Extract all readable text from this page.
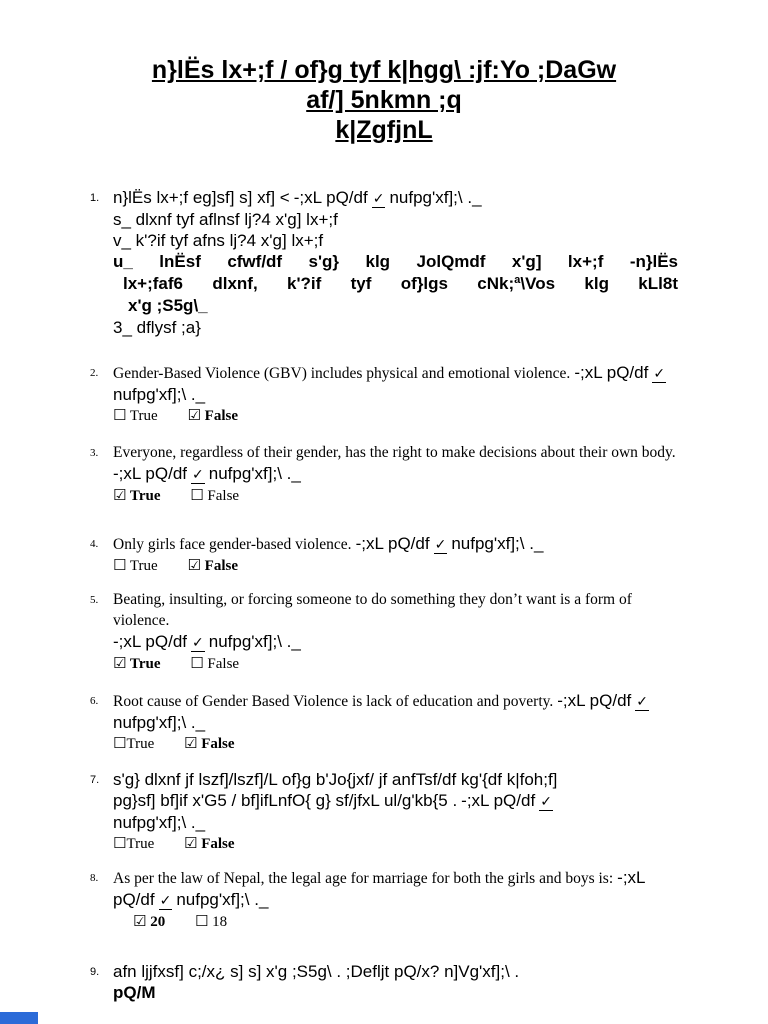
n}lËs lx+;f / of}g tyf k|hgg\ :jf:Yo ;DaGw
af/] 5nkmn ;q
k|ZgfjnL
1. n}lËs lx+;f eg]sf] s] xf] < -;xL pQ/df ✓ nufpg'xf];\ ._
s_ dlxnf tyf aflnsf lj?4 x'g] lx+;f
v_ k'?if tyf afns lj?4 x'g] lx+;f
u_ lnËsf cfwf/df s'g} klg JolQmdf x'g] lx+;f -n}lËs
lx+;faf6 dlxnf, k'?if tyf of}lgs cNk;ª\Vos klg kLl8t
x'g ;S5g\_
3_ dflysf ;a}
2. Gender-Based Violence (GBV) includes physical and emotional violence. -;xL pQ/df ✓
nufpg'xf];\ ._
☐ True ☑ False
3. Everyone, regardless of their gender, has the right to make decisions about their own body.
-;xL pQ/df ✓ nufpg'xf];\ ._
☑ True ☐ False
4. Only girls face gender-based violence. -;xL pQ/df ✓ nufpg'xf];\ ._
☐ True ☑ False
5. Beating, insulting, or forcing someone to do something they don’t want is a form of violence.
-;xL pQ/df ✓ nufpg'xf];\ ._
☑ True ☐ False
6. Root cause of Gender Based Violence is lack of education and poverty. -;xL pQ/df ✓
nufpg'xf];\ ._
☐True ☑ False
7. s'g} dlxnf jf lszf]/lszf]/L of}g b'Jo{jxf/ jf anfTsf/df kg'{df k|foh;f]
pg}sf] bf]if x'G5 / bf]ifLnfO{ g} sf/jfxL ul/g'kb{5 . -;xL pQ/df ✓
nufpg'xf];\ ._
☐True ☑ False
8. As per the law of Nepal, the legal age for marriage for both the girls and boys is: -;xL
pQ/df ✓ nufpg'xf];\ ._
☑ 20 ☐ 18
9. afn ljjfxsf] c;/x¿ s] s] x'g ;S5g\ . ;Defljt pQ/x? n]Vg'xf];\ .
pQ/M
